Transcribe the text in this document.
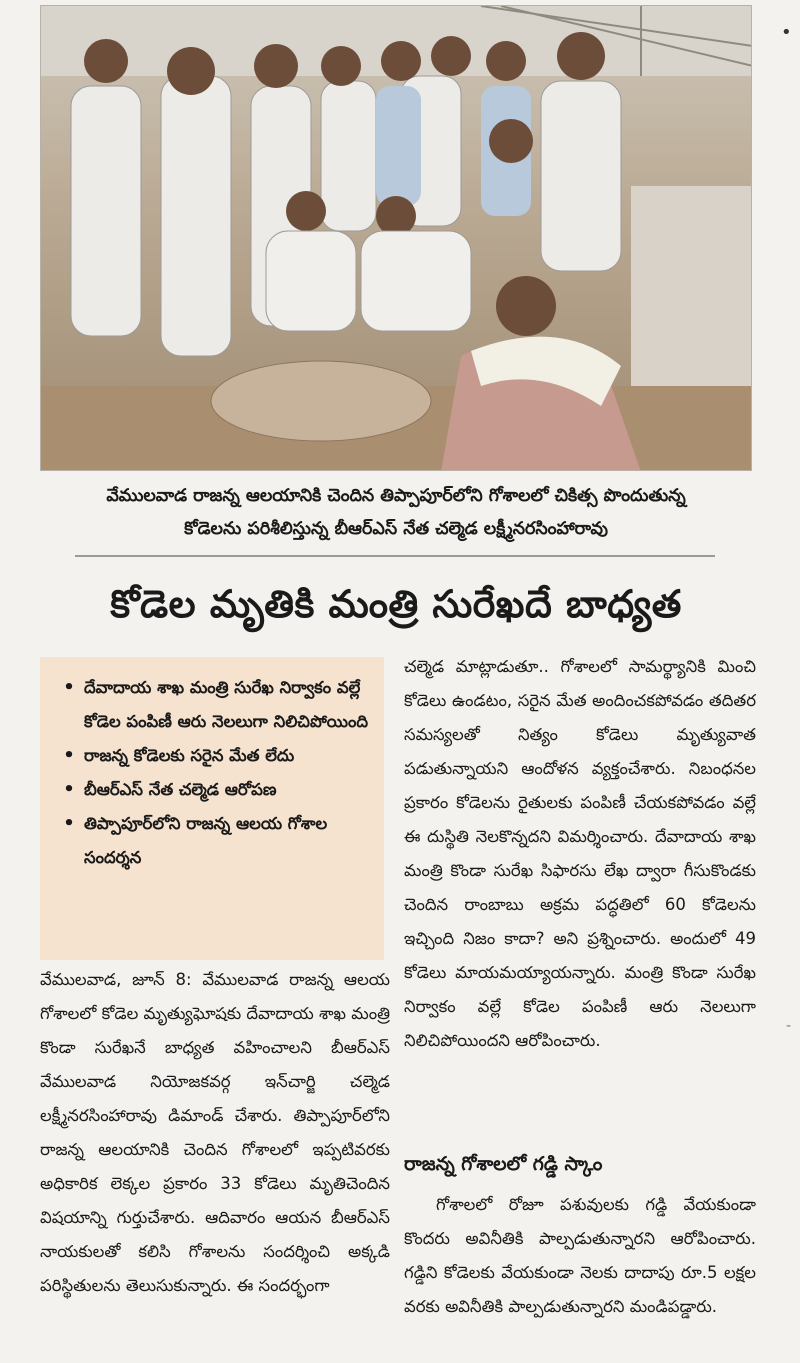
వేములవాడ రాజన్న ఆలయానికి చెందిన తిప్పాపూర్‌లోని గోశాలలో చికిత్స పొందుతున్న
కోడెలను పరిశీలిస్తున్న బీఆర్ఎస్ నేత చల్మెడ లక్ష్మీనరసింహారావు
కోడెల మృతికి మంత్రి సురేఖదే బాధ్యత
• దేవాదాయ శాఖ మంత్రి సురేఖ నిర్వాకం వల్లే కోడెల పంపిణీ ఆరు నెలలుగా నిలిచిపోయింది
• రాజన్న కోడెలకు సరైన మేత లేదు
• బీఆర్ఎస్ నేత చల్మెడ ఆరోపణ
• తిప్పాపూర్‌లోని రాజన్న ఆలయ గోశాల సందర్శన
వేములవాడ, జూన్ 8: వేములవాడ రాజన్న ఆలయ గోశాలలో కోడెల మృత్యుఘోషకు దేవాదాయ శాఖ మంత్రి కొండా సురేఖనే బాధ్యత వహించాలని బీఆర్ఎస్ వేములవాడ నియోజకవర్గ ఇన్‌చార్జి చల్మెడ లక్ష్మీనరసింహారావు డిమాండ్ చేశారు. తిప్పాపూర్‌లోని రాజన్న ఆలయానికి చెందిన గోశాలలో ఇప్పటివరకు అధికారిక లెక్కల ప్రకారం 33 కోడెలు మృతిచెందిన విషయాన్ని గుర్తుచేశారు. ఆదివారం ఆయన బీఆర్ఎస్ నాయకులతో కలిసి గోశాలను సందర్శించి అక్కడి పరిస్థితులను తెలుసుకున్నారు. ఈ సందర్భంగా
చల్మెడ మాట్లాడుతూ.. గోశాలలో సామర్థ్యానికి మించి కోడెలు ఉండటం, సరైన మేత అందించకపోవడం తదితర సమస్యలతో నిత్యం కోడెలు మృత్యువాత పడుతున్నాయని ఆందోళన వ్యక్తంచేశారు. నిబంధనల ప్రకారం కోడెలను రైతులకు పంపిణీ చేయకపోవడం వల్లే ఈ దుస్థితి నెలకొన్నదని విమర్శించారు. దేవాదాయ శాఖ మంత్రి కొండా సురేఖ సిఫారసు లేఖ ద్వారా గీసుకొండకు చెందిన రాంబాబు అక్రమ పద్ధతిలో 60 కోడెలను ఇచ్చింది నిజం కాదా? అని ప్రశ్నించారు. అందులో 49 కోడెలు మాయమయ్యాయన్నారు. మంత్రి కొండా సురేఖ నిర్వాకం వల్లే కోడెల పంపిణీ ఆరు నెలలుగా నిలిచిపోయిందని ఆరోపించారు.
రాజన్న గోశాలలో గడ్డి స్కాం
గోశాలలో రోజూ పశువులకు గడ్డి వేయకుండా కొందరు అవినీతికి పాల్పడుతున్నారని ఆరోపించారు. గడ్డిని కోడెలకు వేయకుండా నెలకు దాదాపు రూ.5 లక్షల వరకు అవినీతికి పాల్పడుతున్నారని మండిపడ్డారు.
•
-
